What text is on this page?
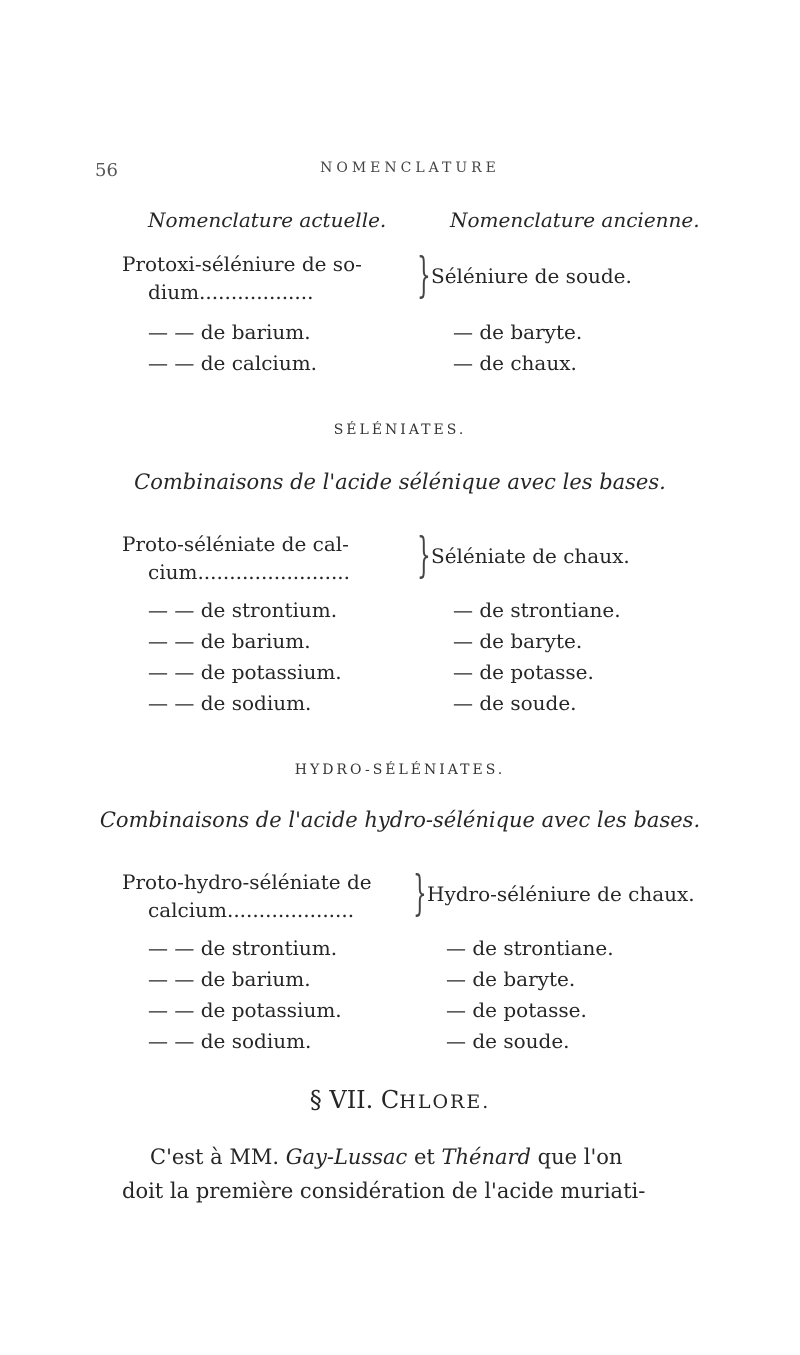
56	NOMENCLATURE
Nomenclature actuelle.	Nomenclature ancienne.
Protoxi-séléniure de so-
dium.................. } Séléniure de soude.
— — de barium.	— de baryte.
— — de calcium.	— de chaux.
SÉLÉNIATES.
Combinaisons de l'acide sélénique avec les bases.
Proto-séléniate de cal-
cium........................ } Séléniate de chaux.
— — de strontium.	— de strontiane.
— — de barium.	— de baryte.
— — de potassium.	— de potasse.
— — de sodium.	— de soude.
HYDRO-SÉLÉNIATES.
Combinaisons de l'acide hydro-sélénique avec les bases.
Proto-hydro-séléniate de
calcium.................... } Hydro-séléniure de chaux.
— — de strontium.	— de strontiane.
— — de barium.	— de baryte.
— — de potassium.	— de potasse.
— — de sodium.	— de soude.
§ VII. CHLORE.
C'est à MM. Gay-Lussac et Thénard que l'on
doit la première considération de l'acide muriati-
